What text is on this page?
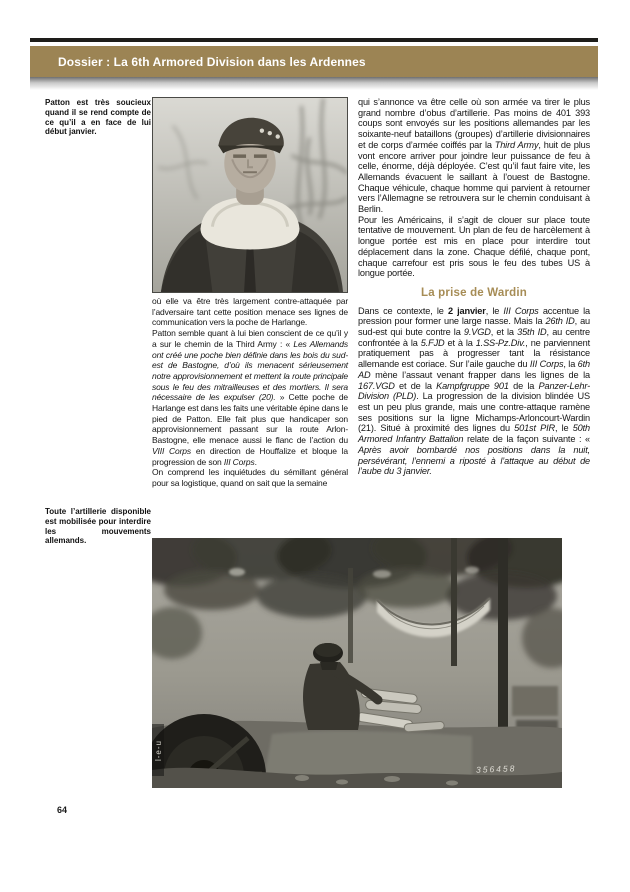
Dossier : La 6th Armored Division dans les Ardennes
Patton est très soucieux quand il se rend compte de ce qu’il a en face de lui début janvier.

où elle va être très largement contre-attaquée par l’adversaire tant cette position menace ses lignes de communication vers la poche de Harlange.

Patton semble quant à lui bien conscient de ce qu’il y a sur le chemin de la Third Army : « Les Allemands ont créé une poche bien définie dans les bois du sud-est de Bastogne, d’où ils menacent sérieusement notre approvisionnement et mettent la route principale sous le feu des mitrailleuses et des mortiers. Il sera nécessaire de les expulser (20). » Cette poche de Harlange est dans les faits une véritable épine dans le pied de Patton. Elle fait plus que handicaper son approvisionnement passant sur la route Arlon-Bastogne, elle menace aussi le flanc de l’action du VIII Corps en direction de Houffalize et bloque la progression de son III Corps.

On comprend les inquiétudes du sémillant général pour sa logistique, quand on sait que la semaine

qui s’annonce va être celle où son armée va tirer le plus grand nombre d’obus d’artillerie. Pas moins de 401 393 coups sont envoyés sur les positions allemandes par les soixante-neuf bataillons (groupes) d’artillerie divisionnaires et de corps d’armée coiffés par la Third Army, huit de plus vont encore arriver pour joindre leur puissance de feu à celle, énorme, déjà déployée. C’est qu’il faut faire vite, les Allemands évacuent le saillant à l’ouest de Bastogne. Chaque véhicule, chaque homme qui parvient à retourner vers l’Allemagne se retrouvera sur le chemin conduisant à Berlin.

Pour les Américains, il s’agit de clouer sur place toute tentative de mouvement. Un plan de feu de harcèlement à longue portée est mis en place pour interdire tout déplacement dans la zone. Chaque défilé, chaque pont, chaque carrefour est pris sous le feu des tubes US à longue portée.

La prise de Wardin

Dans ce contexte, le 2 janvier, le III Corps accentue la pression pour former une large nasse. Mais la 26th ID, au sud-est qui bute contre la 9.VGD, et la 35th ID, au centre confrontée à la 5.FJD et à la 1.SS-Pz.Div., ne parviennent pratiquement pas à progresser tant la résistance allemande est coriace. Sur l’aile gauche du III Corps, la 6th AD mène l’assaut venant frapper dans les lignes de la 167.VGD et de la Kampfgruppe 901 de la Panzer-Lehr-Division (PLD). La progression de la division blindée US est un peu plus grande, mais une contre-attaque ramène ses positions sur la ligne Michamps-Arloncourt-Wardin (21). Situé à proximité des lignes du 501st PIR, le 50th Armored Infantry Battalion relate de la façon suivante : « Après avoir bombardé nos positions dans la nuit, persévérant, l’ennemi a riposté à l’attaque au début de l’aube du 3 janvier.

Toute l’artillerie disponible est mobilisée pour interdire les mouvements allemands.
356458
l-e-u
64
